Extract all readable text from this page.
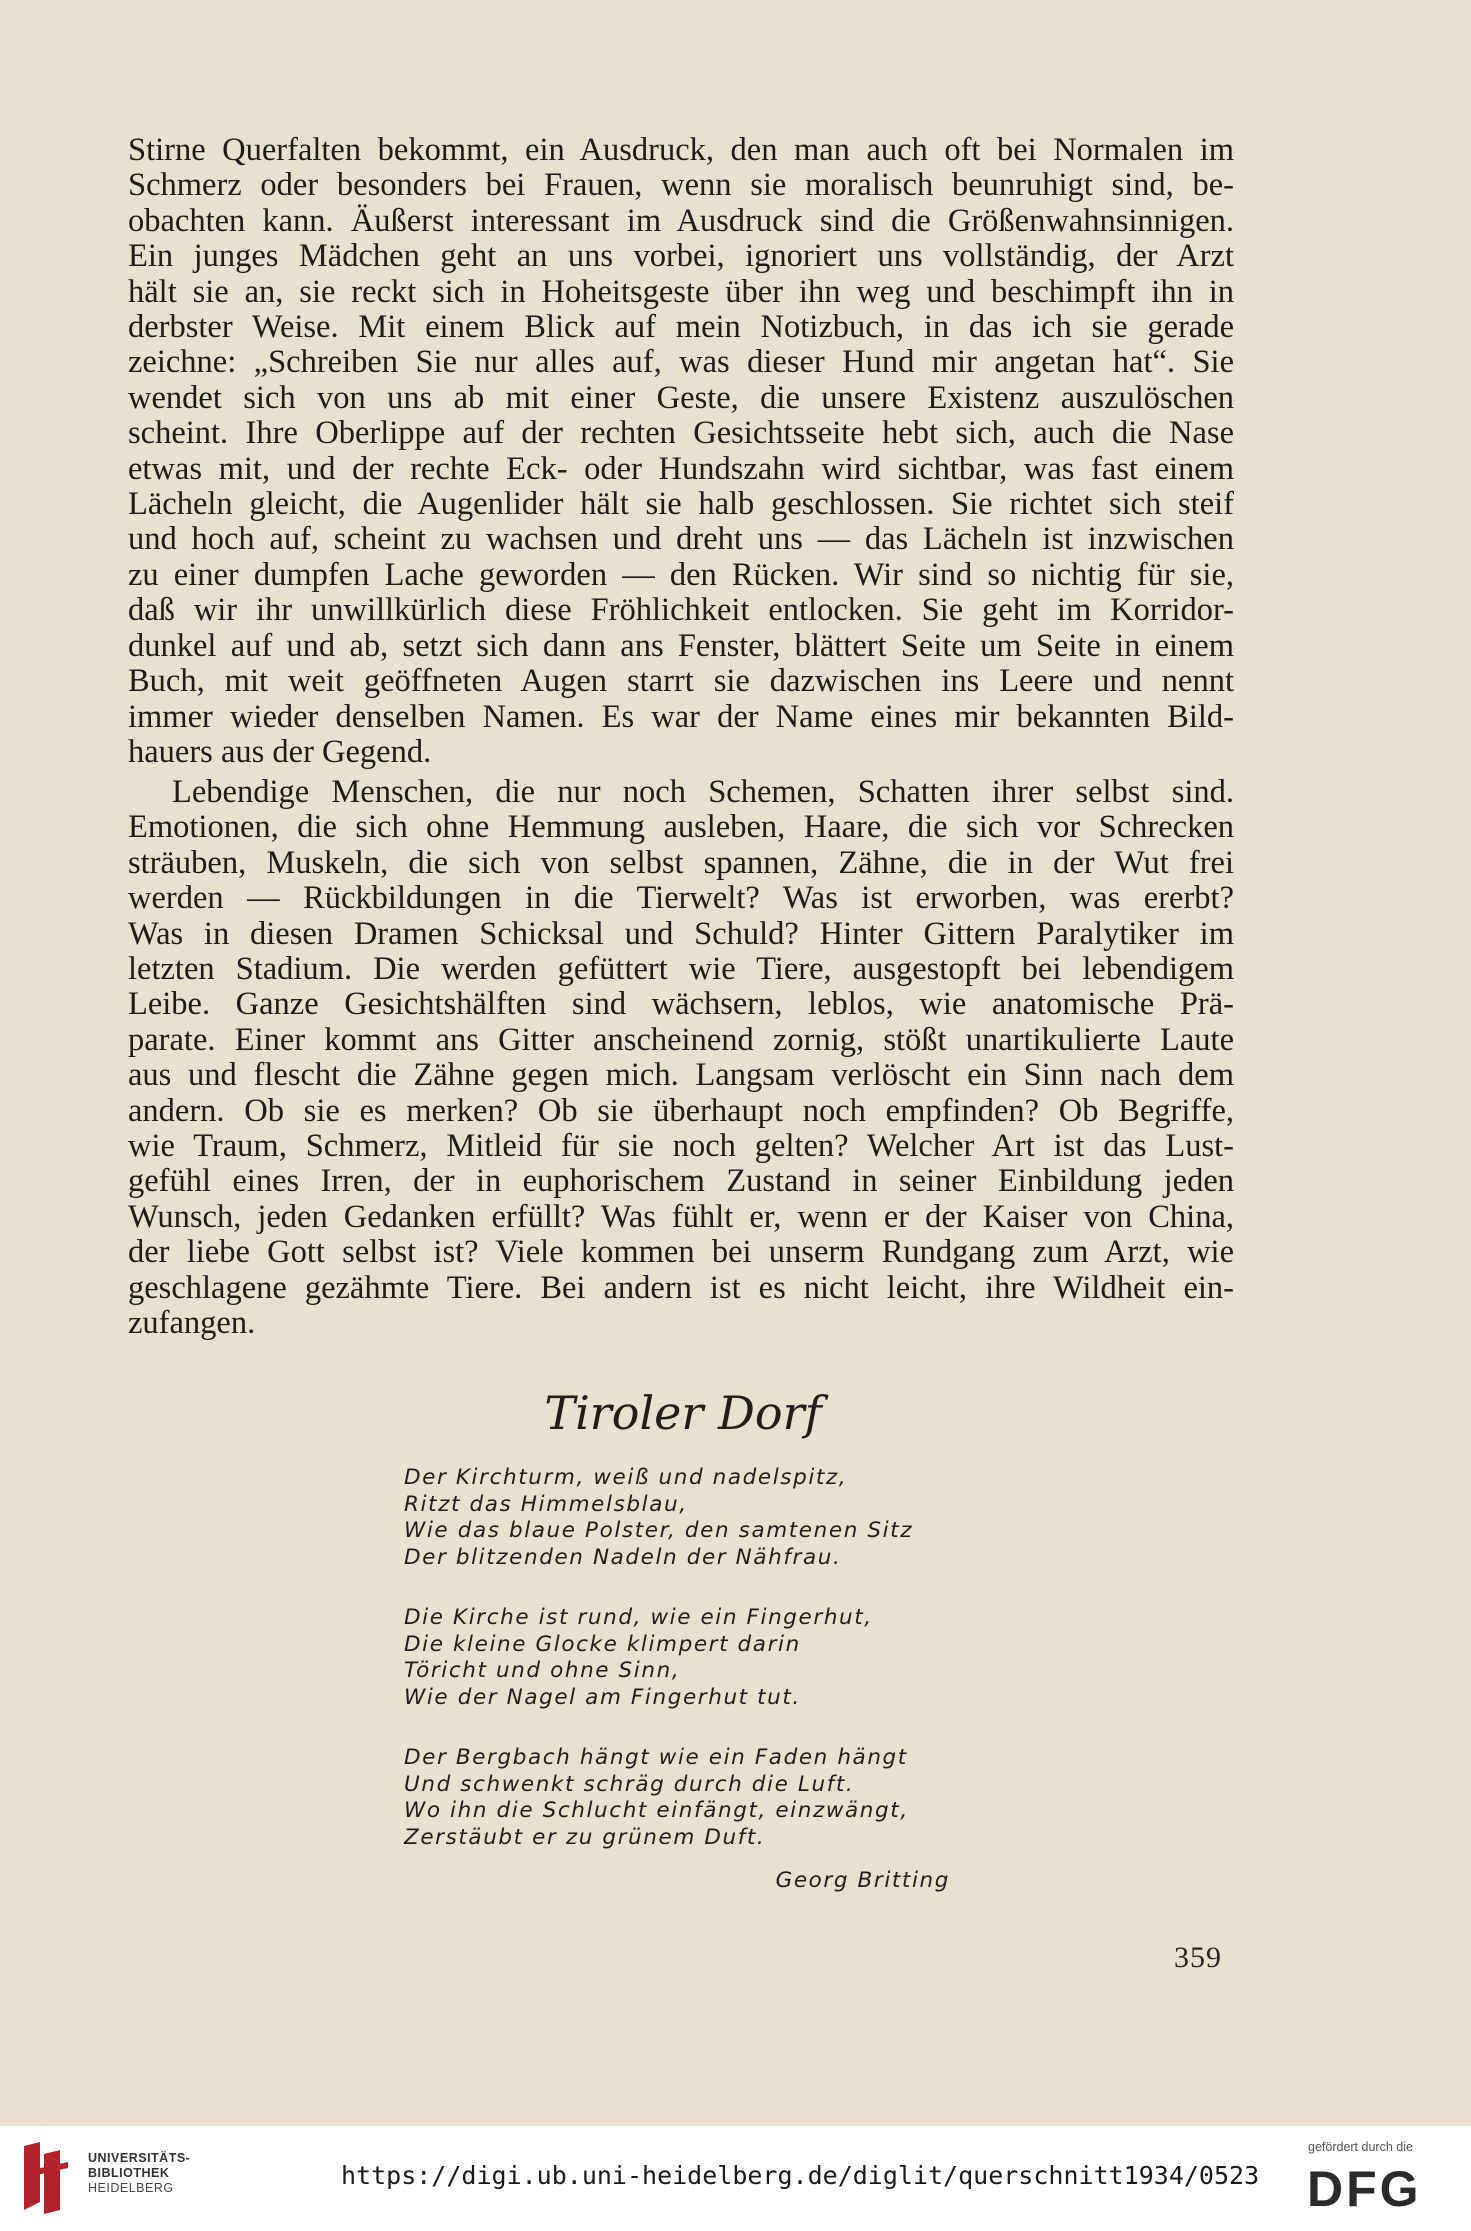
Stirne Querfalten bekommt, ein Ausdruck, den man auch oft bei Normalen im

Schmerz oder besonders bei Frauen, wenn sie moralisch beunruhigt sind, be-

obachten kann. Äußerst interessant im Ausdruck sind die Größenwahnsinnigen.

Ein junges Mädchen geht an uns vorbei, ignoriert uns vollständig, der Arzt

hält sie an, sie reckt sich in Hoheitsgeste über ihn weg und beschimpft ihn in

derbster Weise. Mit einem Blick auf mein Notizbuch, in das ich sie gerade

zeichne: „Schreiben Sie nur alles auf, was dieser Hund mir angetan hat“. Sie

wendet sich von uns ab mit einer Geste, die unsere Existenz auszulöschen

scheint. Ihre Oberlippe auf der rechten Gesichtsseite hebt sich, auch die Nase

etwas mit, und der rechte Eck- oder Hundszahn wird sichtbar, was fast einem

Lächeln gleicht, die Augenlider hält sie halb geschlossen. Sie richtet sich steif

und hoch auf, scheint zu wachsen und dreht uns — das Lächeln ist inzwischen

zu einer dumpfen Lache geworden — den Rücken. Wir sind so nichtig für sie,

daß wir ihr unwillkürlich diese Fröhlichkeit entlocken. Sie geht im Korridor-

dunkel auf und ab, setzt sich dann ans Fenster, blättert Seite um Seite in einem

Buch, mit weit geöffneten Augen starrt sie dazwischen ins Leere und nennt

immer wieder denselben Namen. Es war der Name eines mir bekannten Bild-

hauers aus der Gegend.

Lebendige Menschen, die nur noch Schemen, Schatten ihrer selbst sind.

Emotionen, die sich ohne Hemmung ausleben, Haare, die sich vor Schrecken

sträuben, Muskeln, die sich von selbst spannen, Zähne, die in der Wut frei

werden — Rückbildungen in die Tierwelt? Was ist erworben, was ererbt?

Was in diesen Dramen Schicksal und Schuld? Hinter Gittern Paralytiker im

letzten Stadium. Die werden gefüttert wie Tiere, ausgestopft bei lebendigem

Leibe. Ganze Gesichtshälften sind wächsern, leblos, wie anatomische Prä-

parate. Einer kommt ans Gitter anscheinend zornig, stößt unartikulierte Laute

aus und flescht die Zähne gegen mich. Langsam verlöscht ein Sinn nach dem

andern. Ob sie es merken? Ob sie überhaupt noch empfinden? Ob Begriffe,

wie Traum, Schmerz, Mitleid für sie noch gelten? Welcher Art ist das Lust-

gefühl eines Irren, der in euphorischem Zustand in seiner Einbildung jeden

Wunsch, jeden Gedanken erfüllt? Was fühlt er, wenn er der Kaiser von China,

der liebe Gott selbst ist? Viele kommen bei unserm Rundgang zum Arzt, wie

geschlagene gezähmte Tiere. Bei andern ist es nicht leicht, ihre Wildheit ein-

zufangen.

Tiroler Dorf
Der Kirchturm, weiß und nadelspitz,
Ritzt das Himmelsblau,
Wie das blaue Polster, den samtenen Sitz
Der blitzenden Nadeln der Nähfrau.
Die Kirche ist rund, wie ein Fingerhut,
Die kleine Glocke klimpert darin
Töricht und ohne Sinn,
Wie der Nagel am Fingerhut tut.
Der Bergbach hängt wie ein Faden hängt
Und schwenkt schräg durch die Luft.
Wo ihn die Schlucht einfängt, einzwängt,
Zerstäubt er zu grünem Duft.
Georg Britting
359
UNIVERSITÄTS-
BIBLIOTHEK
HEIDELBERG	https://digi.ub.uni-heidelberg.de/diglit/querschnitt1934/0523
gefördert durch die
DFG
